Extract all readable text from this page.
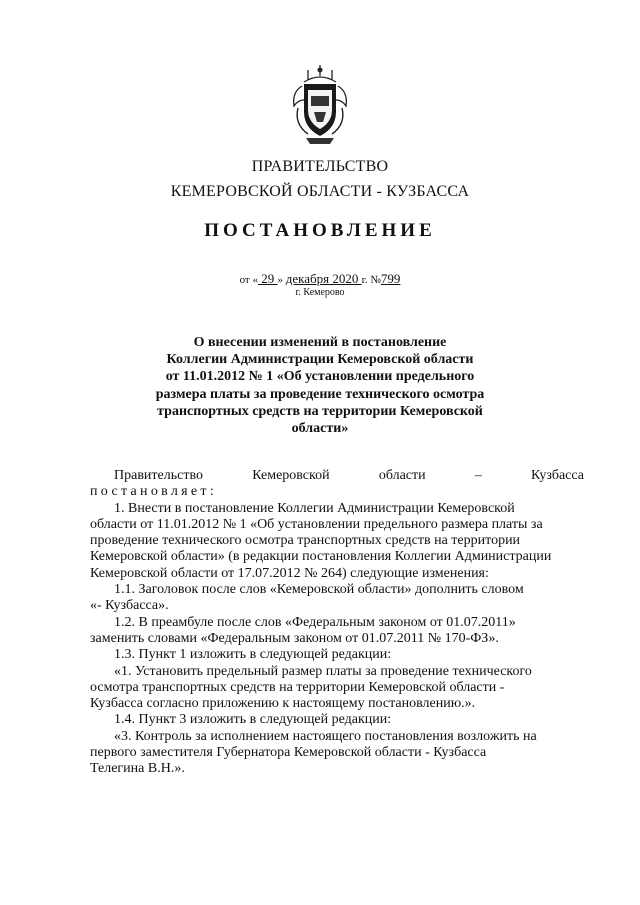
ПРАВИТЕЛЬСТВО
КЕМЕРОВСКОЙ ОБЛАСТИ - КУЗБАССА
ПОСТАНОВЛЕНИЕ
от « 29 » декабря 2020 г. №799
г. Кемерово
О внесении изменений в постановление
Коллегии Администрации Кемеровской области
от 11.01.2012 № 1 «Об установлении предельного
размера платы за проведение технического осмотра
транспортных средств на территории Кемеровской
области»
Правительство	Кемеровской	области	–	Кузбасса
постановляет:
1. Внести в постановление Коллегии Администрации Кемеровской
области от 11.01.2012 № 1 «Об установлении предельного размера платы за
проведение технического осмотра транспортных средств на территории
Кемеровской области» (в редакции постановления Коллегии Администрации
Кемеровской области от 17.07.2012 № 264) следующие изменения:
1.1. Заголовок после слов «Кемеровской области» дополнить словом
«- Кузбасса».
1.2. В преамбуле после слов «Федеральным законом от 01.07.2011»
заменить словами «Федеральным законом от 01.07.2011 № 170-ФЗ».
1.3. Пункт 1 изложить в следующей редакции:
«1. Установить предельный размер платы за проведение технического
осмотра транспортных средств на территории Кемеровской области -
Кузбасса согласно приложению к настоящему постановлению.».
1.4. Пункт 3 изложить в следующей редакции:
«3. Контроль за исполнением настоящего постановления возложить на
первого заместителя Губернатора Кемеровской области - Кузбасса
Телегина В.Н.».
